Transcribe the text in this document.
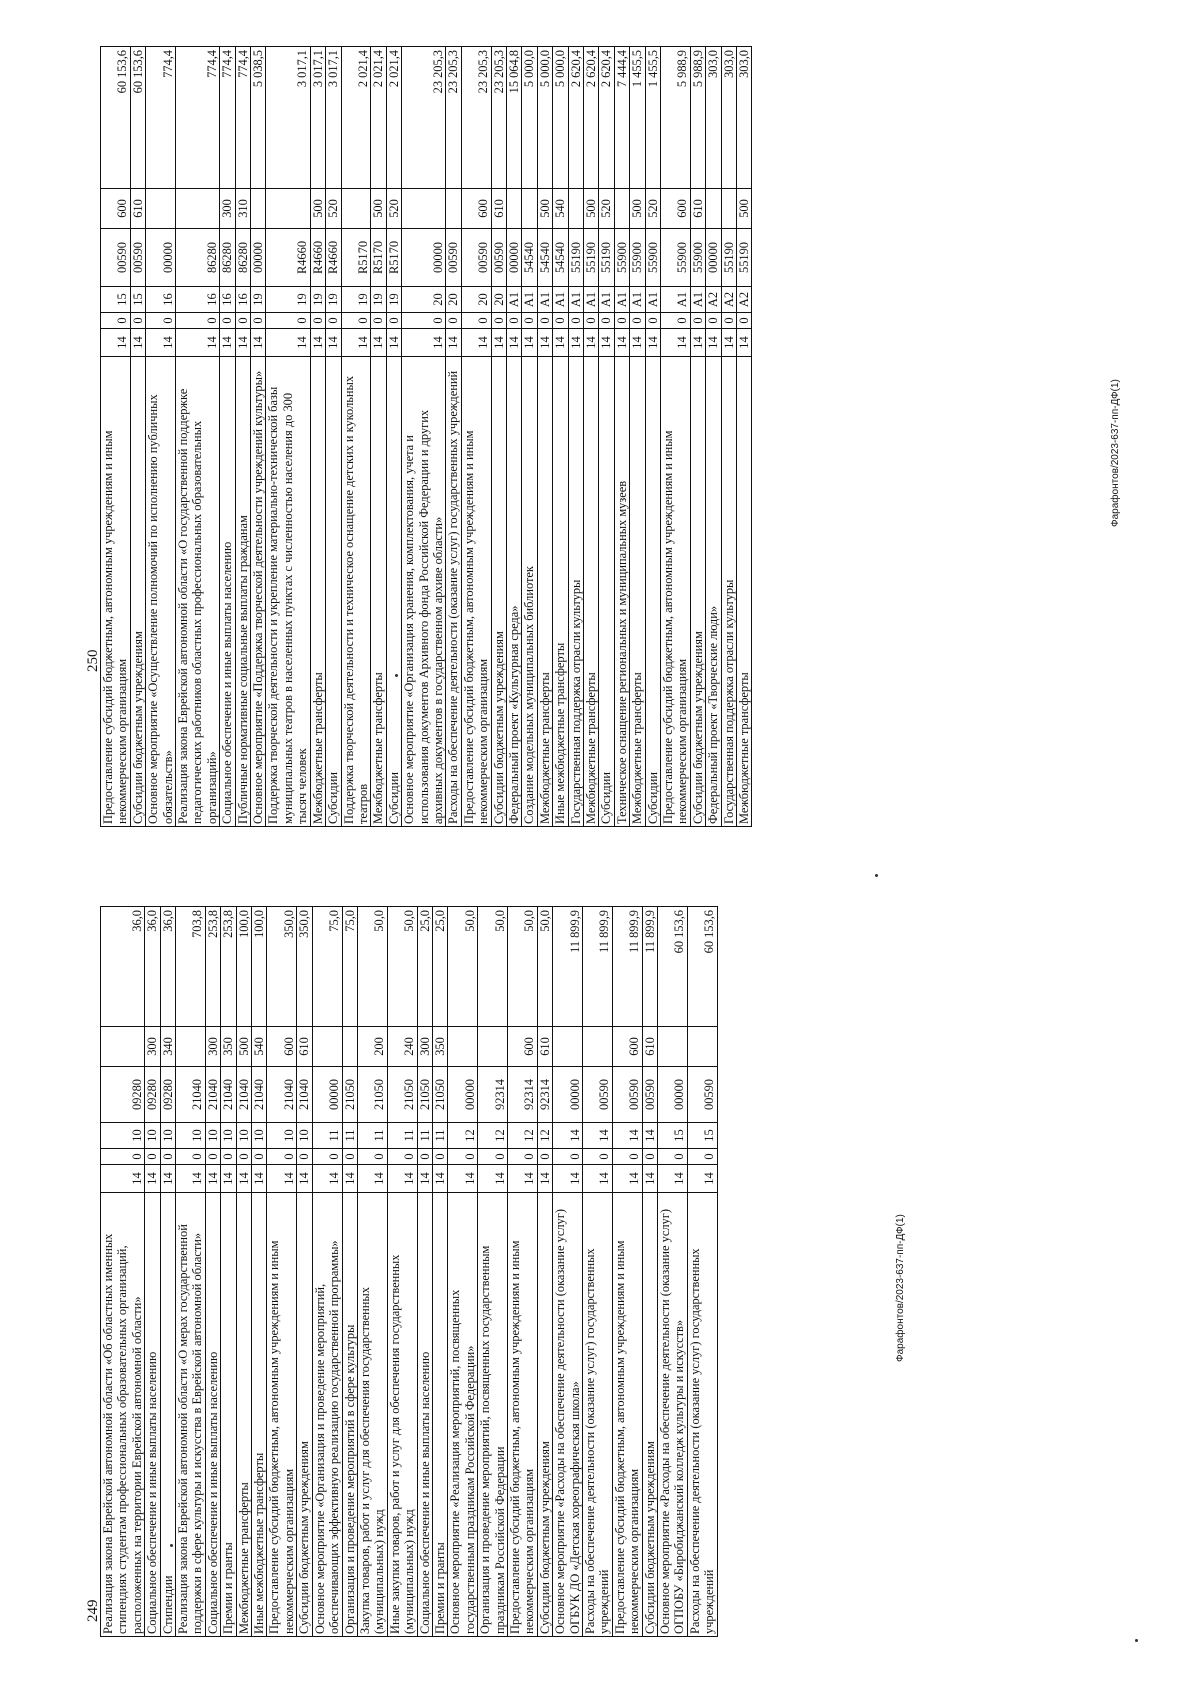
249 Реализация закона Еврейской автономной области «Об областных именных стипендиях студентам профессиональных образовательных организаций, расположенных на территории Еврейской автономной области»	14	0	10	09280		36,0
Социальное обеспечение и иные выплаты населению	14	0	10	09280	300	36,0
Стипендии	14	0	10	09280	340	36,0
Реализация закона Еврейской автономной области «О мерах государственной поддержки в сфере культуры и искусства в Еврейской автономной области»	14	0	10	21040		703,8
Социальное обеспечение и иные выплаты населению	14	0	10	21040	300	253,8
Премии и гранты	14	0	10	21040	350	253,8
Межбюджетные трансферты	14	0	10	21040	500	100,0
Иные межбюджетные трансферты	14	0	10	21040	540	100,0
Предоставление субсидий бюджетным, автономным учреждениям и иным некоммерческим организациям	14	0	10	21040	600	350,0
Субсидии бюджетным учреждениям	14	0	10	21040	610	350,0
Основное мероприятие «Организация и проведение мероприятий, обеспечивающих эффективную реализацию государственной программы»	14	0	11	00000		75,0
Организация и проведение мероприятий в сфере культуры	14	0	11	21050		75,0
Закупка товаров, работ и услуг для обеспечения государственных (муниципальных) нужд	14	0	11	21050	200	50,0
Иные закупки товаров, работ и услуг для обеспечения государственных (муниципальных) нужд	14	0	11	21050	240	50,0
Социальное обеспечение и иные выплаты населению	14	0	11	21050	300	25,0
Премии и гранты	14	0	11	21050	350	25,0
Основное мероприятие «Реализация мероприятий, посвященных государственным праздникам Российской Федерации»	14	0	12	00000		50,0
Организация и проведение мероприятий, посвященных государственным праздникам Российской Федерации	14	0	12	92314		50,0
Предоставление субсидий бюджетным, автономным учреждениям и иным некоммерческим организациям	14	0	12	92314	600	50,0
Субсидии бюджетным учреждениям	14	0	12	92314	610	50,0
Основное мероприятие «Расходы на обеспечение деятельности (оказание услуг) ОГБУК ДО «Детская хореографическая школа»	14	0	14	00000		11 899,9
Расходы на обеспечение деятельности (оказание услуг) государственных учреждений	14	0	14	00590		11 899,9
Предоставление субсидий бюджетным, автономным учреждениям и иным некоммерческим организациям	14	0	14	00590	600	11 899,9
Субсидии бюджетным учреждениям	14	0	14	00590	610	11 899,9
Основное мероприятие «Расходы на обеспечение деятельности (оказание услуг) ОГПОБУ «Биробиджанский колледж культуры и искусств»	14	0	15	00000		60 153,6
Расходы на обеспечение деятельности (оказание услуг) государственных учреждений	14	0	15	00590		60 153,6
Фарафонтов/2023-637-пп-ДФ(1)
250 Предоставление субсидий бюджетным, автономным учреждениям и иным некоммерческим организациям	14	0	15	00590	600	60 153,6
Субсидии бюджетным учреждениям	14	0	15	00590	610	60 153,6
Основное мероприятие «Осуществление полномочий по исполнению публичных обязательств»	14	0	16	00000		774,4
Реализация закона Еврейской автономной области «О государственной поддержке педагогических работников областных профессиональных образовательных организаций»	14	0	16	86280		774,4
Социальное обеспечение и иные выплаты населению	14	0	16	86280	300	774,4
Публичные нормативные социальные выплаты гражданам	14	0	16	86280	310	774,4
Основное мероприятие «Поддержка творческой деятельности учреждений культуры»	14	0	19	00000		5 038,5
Поддержка творческой деятельности и укрепление материально-технической базы муниципальных театров в населенных пунктах с численностью населения до 300 тысяч человек	14	0	19	R4660		3 017,1
Межбюджетные трансферты	14	0	19	R4660	500	3 017,1
Субсидии	14	0	19	R4660	520	3 017,1
Поддержка творческой деятельности и техническое оснащение детских и кукольных театров	14	0	19	R5170		2 021,4
Межбюджетные трансферты	14	0	19	R5170	500	2 021,4
Субсидии	14	0	19	R5170	520	2 021,4
Основное мероприятие «Организация хранения, комплектования, учета и использования документов Архивного фонда Российской Федерации и других архивных документов в государственном архиве области»	14	0	20	00000		23 205,3
Расходы на обеспечение деятельности (оказание услуг) государственных учреждений	14	0	20	00590		23 205,3
Предоставление субсидий бюджетным, автономным учреждениям и иным некоммерческим организациям	14	0	20	00590	600	23 205,3
Субсидии бюджетным учреждениям	14	0	20	00590	610	23 205,3
Федеральный проект «Культурная среда»	14	0	A1	00000		15 064,8
Создание модельных муниципальных библиотек	14	0	A1	54540		5 000,0
Межбюджетные трансферты	14	0	A1	54540	500	5 000,0
Иные межбюджетные трансферты	14	0	A1	54540	540	5 000,0
Государственная поддержка отрасли культуры	14	0	A1	55190		2 620,4
Межбюджетные трансферты	14	0	A1	55190	500	2 620,4
Субсидии	14	0	A1	55190	520	2 620,4
Техническое оснащение региональных и муниципальных музеев	14	0	A1	55900		7 444,4
Межбюджетные трансферты	14	0	A1	55900	500	1 455,5
Субсидии	14	0	A1	55900	520	1 455,5
Предоставление субсидий бюджетным, автономным учреждениям и иным некоммерческим организациям	14	0	A1	55900	600	5 988,9
Субсидии бюджетным учреждениям	14	0	A1	55900	610	5 988,9
Федеральный проект «Творческие люди»	14	0	A2	00000		303,0
Государственная поддержка отрасли культуры	14	0	A2	55190		303,0
Межбюджетные трансферты	14	0	A2	55190	500	303,0
Фарафонтов/2023-637-пп-ДФ(1)
